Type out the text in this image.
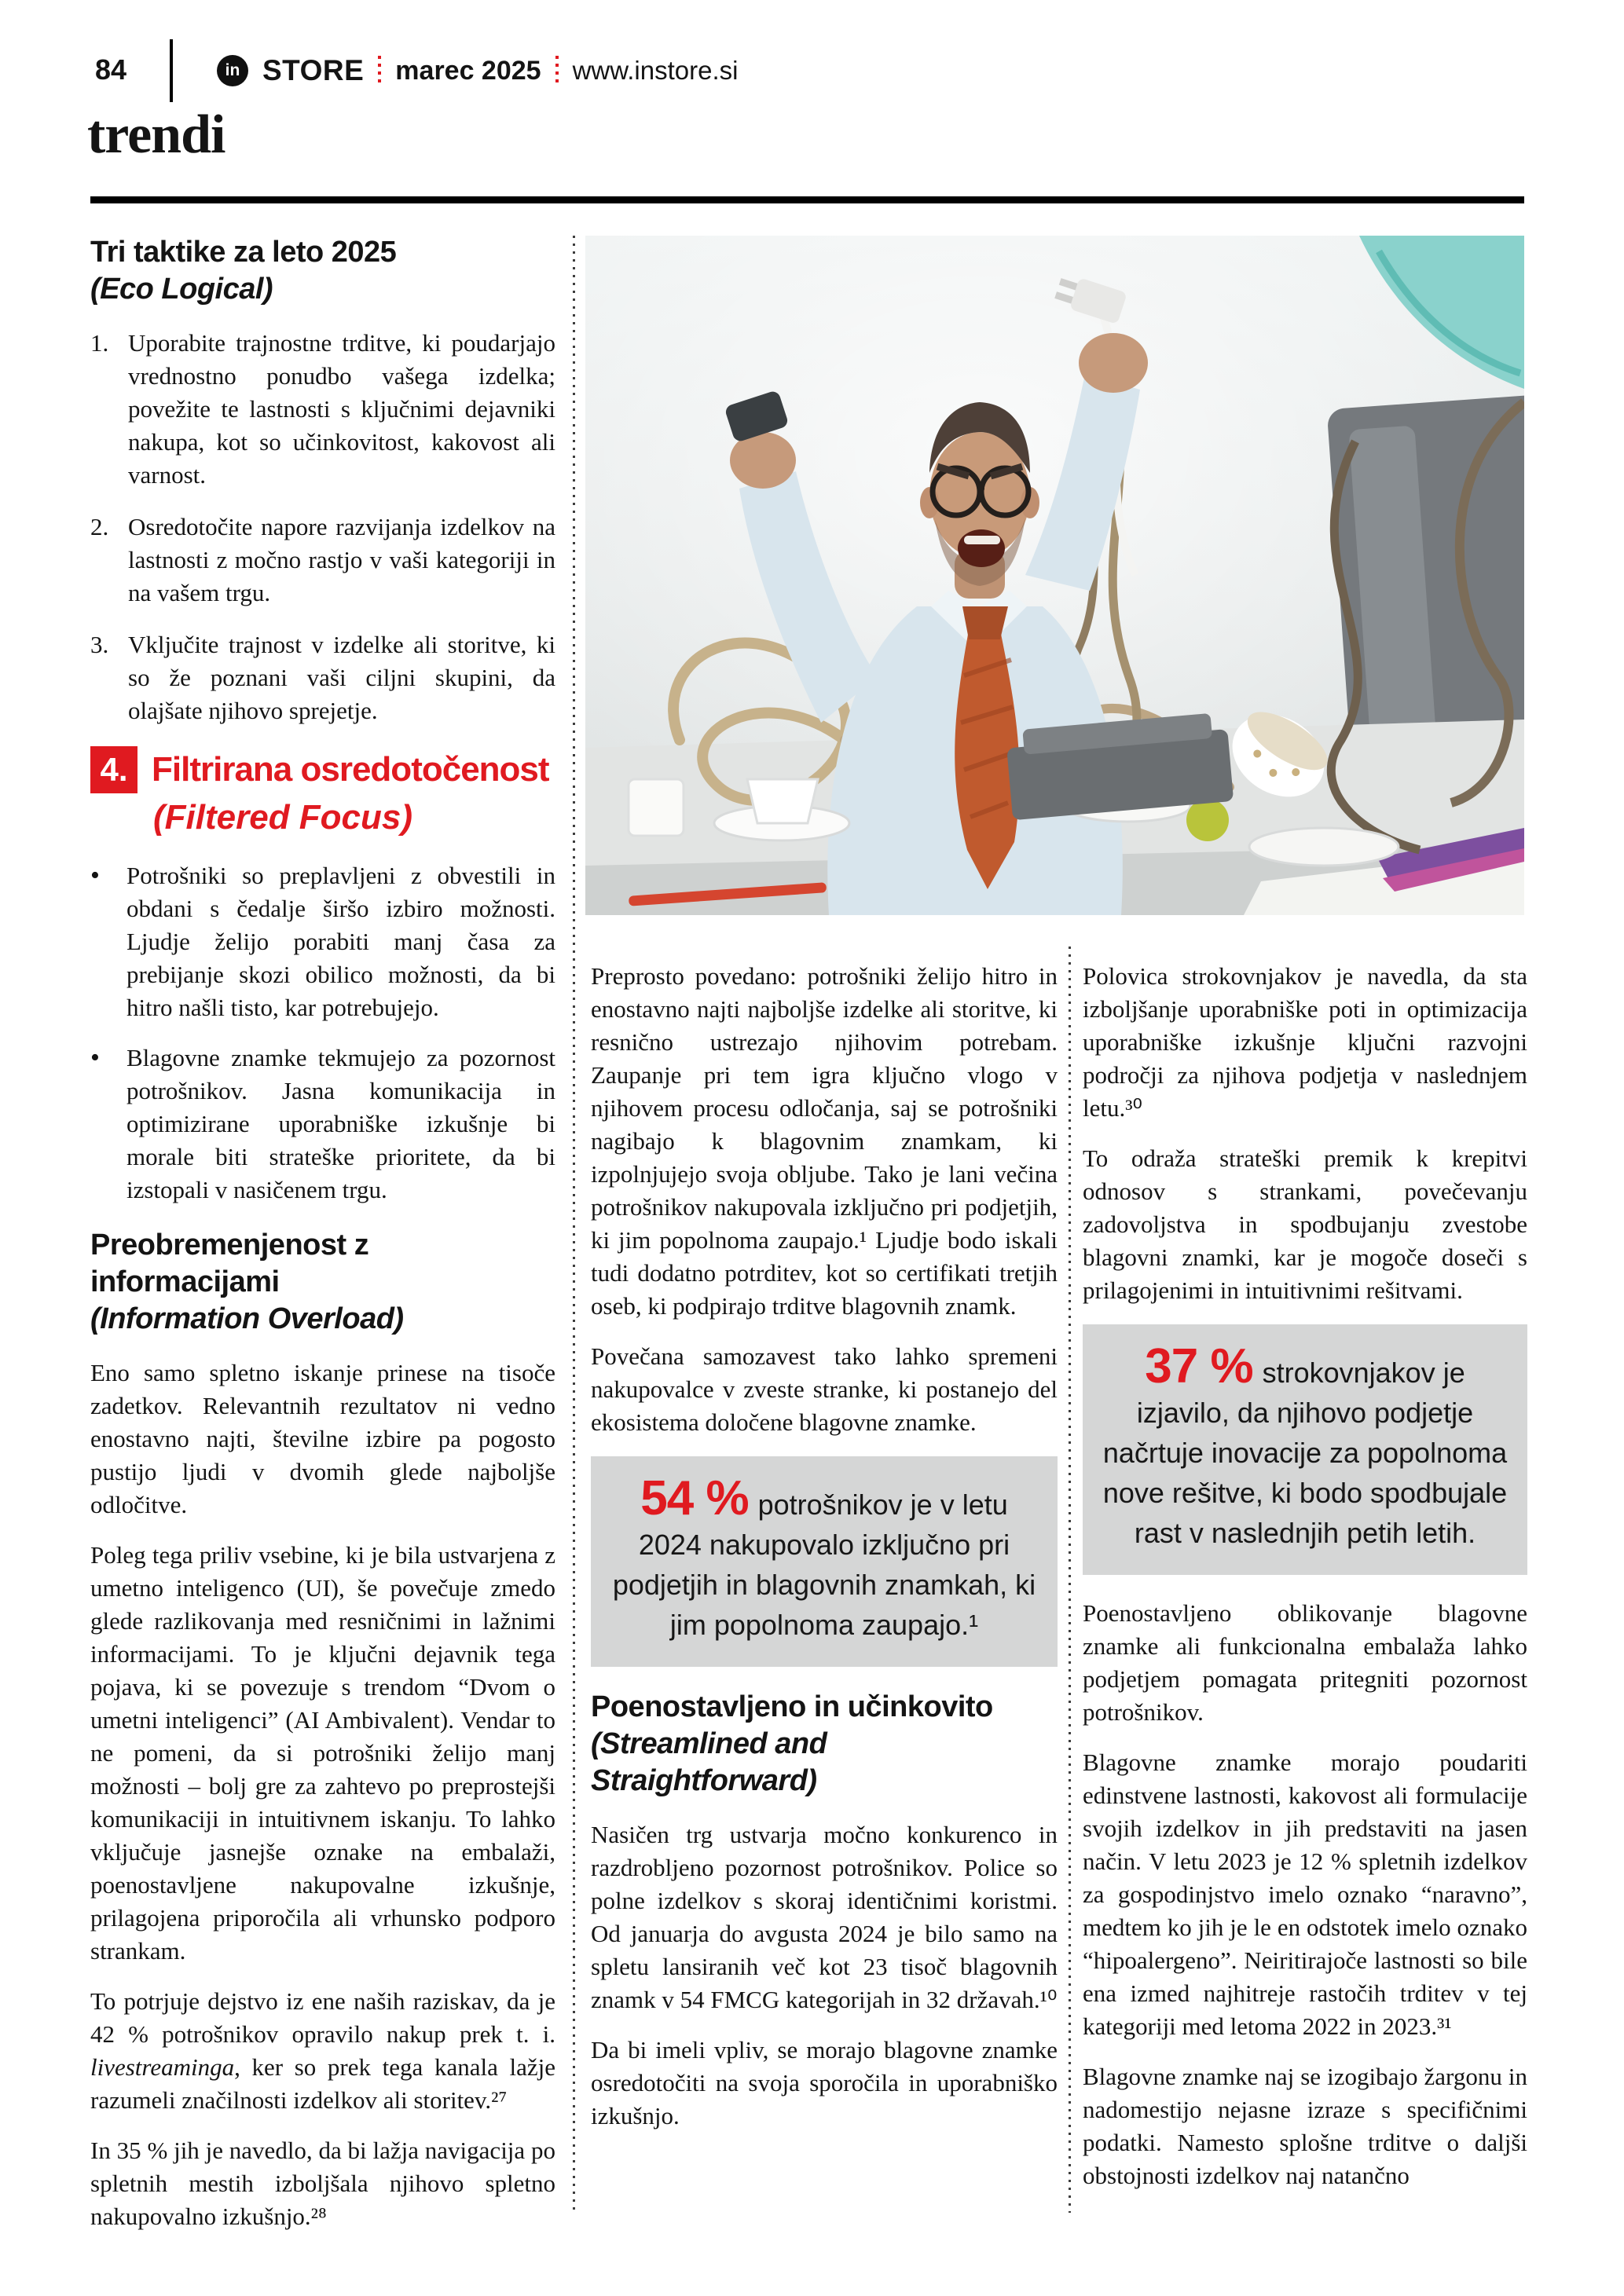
84	in STORE marec 2025 www.instore.si
trendi
Tri taktike za leto 2025
(Eco Logical)
1. Uporabite trajnostne trditve, ki poudarjajo vrednostno ponudbo vašega izdelka; povežite te lastnosti s ključnimi dejavniki nakupa, kot so učinkovitost, kakovost ali varnost.
2. Osredotočite napore razvijanja izdelkov na lastnosti z močno rastjo v vaši kategoriji in na vašem trgu.
3. Vključite trajnost v izdelke ali storitve, ki so že poznani vaši ciljni skupini, da olajšate njihovo sprejetje.
4. Filtrirana osredotočenost
(Filtered Focus)
•	Potrošniki so preplavljeni z obvestili in obdani s čedalje širšo izbiro možnosti. Ljudje želijo porabiti manj časa za prebijanje skozi obilico možnosti, da bi hitro našli tisto, kar potrebujejo.
•	Blagovne znamke tekmujejo za pozornost potrošnikov. Jasna komunikacija in optimizirane uporabniške izkušnje bi morale biti strateške prioritete, da bi izstopali v nasičenem trgu.
Preobremenjenost z informacijami
(Information Overload)

Eno samo spletno iskanje prinese na tisoče zadetkov. Relevantnih rezultatov ni vedno enostavno najti, številne izbire pa pogosto pustijo ljudi v dvomih glede najboljše odločitve.

Poleg tega priliv vsebine, ki je bila ustvarjena z umetno inteligenco (UI), še povečuje zmedo glede razlikovanja med resničnimi in lažnimi informacijami. To je ključni dejavnik tega pojava, ki se povezuje s trendom “Dvom o umetni inteligenci” (AI Ambivalent). Vendar to ne pomeni, da si potrošniki želijo manj možnosti – bolj gre za zahtevo po preprostejši komunikaciji in intuitivnem iskanju. To lahko vključuje jasnejše oznake na embalaži, poenostavljene nakupovalne izkušnje, prilagojena priporočila ali vrhunsko podporo strankam.

To potrjuje dejstvo iz ene naših raziskav, da je 42 % potrošnikov opravilo nakup prek t. i. livestreaminga, ker so prek tega kanala lažje razumeli značilnosti izdelkov ali storitev.²⁷

In 35 % jih je navedlo, da bi lažja navigacija po spletnih mestih izboljšala njihovo spletno nakupovalno izkušnjo.²⁸

Preprosto povedano: potrošniki želijo hitro in enostavno najti najboljše izdelke ali storitve, ki resnično ustrezajo njihovim potrebam. Zaupanje pri tem igra ključno vlogo v njihovem procesu odločanja, saj se potrošniki nagibajo k blagovnim znamkam, ki izpolnjujejo svoja obljube. Tako je lani večina potrošnikov nakupovala izključno pri podjetjih, ki jim popolnoma zaupajo.¹ Ljudje bodo iskali tudi dodatno potrditev, kot so certifikati tretjih oseb, ki podpirajo trditve blagovnih znamk.

Povečana samozavest tako lahko spremeni nakupovalce v zveste stranke, ki postanejo del ekosistema določene blagovne znamke.

54 % potrošnikov je v letu 2024 nakupovalo izključno pri podjetjih in blagovnih znamkah, ki jim popolnoma zaupajo.¹
Poenostavljeno in učinkovito
(Streamlined and Straightforward)

Nasičen trg ustvarja močno konkurenco in razdrobljeno pozornost potrošnikov. Police so polne izdelkov s skoraj identičnimi koristmi. Od januarja do avgusta 2024 je bilo samo na spletu lansiranih več kot 23 tisoč blagovnih znamk v 54 FMCG kategorijah in 32 državah.¹⁰

Da bi imeli vpliv, se morajo blagovne znamke osredotočiti na svoja sporočila in uporabniško izkušnjo.

Polovica strokovnjakov je navedla, da sta izboljšanje uporabniške poti in optimizacija uporabniške izkušnje ključni razvojni področji za njihova podjetja v naslednjem letu.³⁰

To odraža strateški premik k krepitvi odnosov s strankami, povečevanju zadovoljstva in spodbujanju zvestobe blagovni znamki, kar je mogoče doseči s prilagojenimi in intuitivnimi rešitvami.

37 % strokovnjakov je izjavilo, da njihovo podjetje načrtuje inovacije za popolnoma nove rešitve, ki bodo spodbujale rast v naslednjih petih letih.

Poenostavljeno oblikovanje blagovne znamke ali funkcionalna embalaža lahko podjetjem pomagata pritegniti pozornost potrošnikov.

Blagovne znamke morajo poudariti edinstvene lastnosti, kakovost ali formulacije svojih izdelkov in jih predstaviti na jasen način. V letu 2023 je 12 % spletnih izdelkov za gospodinjstvo imelo oznako “naravno”, medtem ko jih je le en odstotek imelo oznako “hipoalergeno”. Neiritirajoče lastnosti so bile ena izmed najhitreje rastočih trditev v tej kategoriji med letoma 2022 in 2023.³¹

Blagovne znamke naj se izogibajo žargonu in nadomestijo nejasne izraze s specifičnimi podatki. Namesto splošne trditve o daljši obstojnosti izdelkov naj natančno
